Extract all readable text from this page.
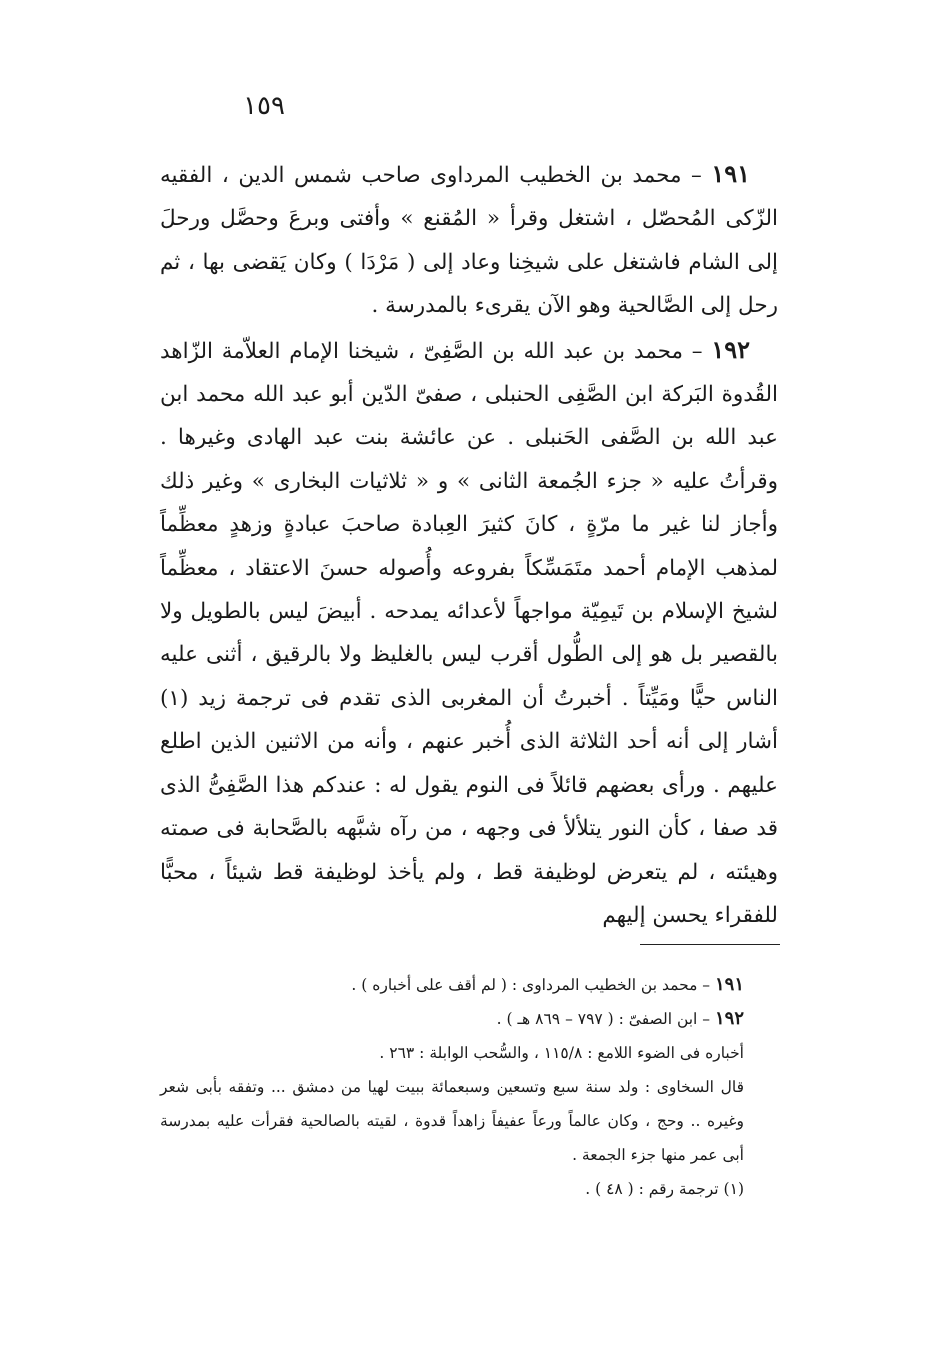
١٥٩

١٩١ – محمد بن الخطيب المرداوى صاحب شمس الدين ، الفقيه الزّكى المُحصّل ، اشتغل وقرأ « المُقنع » وأفتى وبرعَ وحصَّل ورحلَ إلى الشام فاشتغل على شيخِنا وعاد إلى ( مَرْدَا ) وكان يَقضى بها ، ثم رحل إلى الصَّالحية وهو الآن يقرىء بالمدرسة .

١٩٢ – محمد بن عبد الله بن الصَّفِىّ ، شيخنا الإمام العلاّمة الزّاهد القُدوة البَركة ابن الصَّفِى الحنبلى ، صفىّ الدّين أبو عبد الله محمد ابن عبد الله بن الصَّفى الحَنبلى . عن عائشة بنت عبد الهادى وغيرها . وقرأتُ عليه « جزء الجُمعة الثانى » و « ثلاثيات البخارى » وغير ذلك وأجاز لنا غير ما مرّةٍ ، كانَ كثيرَ العِبادة صاحبَ عبادةٍ وزهدٍ معظِّماً لمذهب الإمام أحمد متَمَسِّكاً بفروعه وأُصوله حسنَ الاعتقاد ، معظِّماً لشيخ الإسلام بن تَيمِيّة مواجهاً لأعدائه يمدحه . أبيضَ ليس بالطويل ولا بالقصير بل هو إلى الطُّول أقرب ليس بالغليظ ولا بالرقيق ، أثنى عليه الناس حيًّا ومَيِّتاً . أخبرتُ أن المغربى الذى تقدم فى ترجمة زيد (١) أشار إلى أنه أحد الثلاثة الذى أُخبر عنهم ، وأنه من الاثنين الذين اطلع عليهم . ورأى بعضهم قائلاً فى النوم يقول له : عندكم هذا الصَّفِىُّ الذى قد صفا ، كأن النور يتلألأ فى وجهه ، من رآه شبَّهه بالصَّحابة فى صمته وهيئته ، لم يتعرض لوظيفة قط ، ولم يأخذ لوظيفة قط شيئاً ، محبًّا للفقراء يحسن إليهم

١٩١ – محمد بن الخطيب المرداوى : ( لم أقف على أخباره ) .

١٩٢ – ابن الصفىّ : ( ٧٩٧ – ٨٦٩ هـ ) .

أخباره فى الضوء اللامع : ١١٥/٨ ، والسُّحب الوابلة : ٢٦٣ .

قال السخاوى : ولد سنة سبع وتسعين وسبعمائة ببيت لهيا من دمشق ... وتفقه بأبى شعر وغيره .. وحج ، وكان عالماً ورعاً عفيفاً زاهداً قدوة ، لقيته بالصالحية فقرأت عليه بمدرسة أبى عمر منها جزء الجمعة .

(١) ترجمة رقم : ( ٤٨ ) .
